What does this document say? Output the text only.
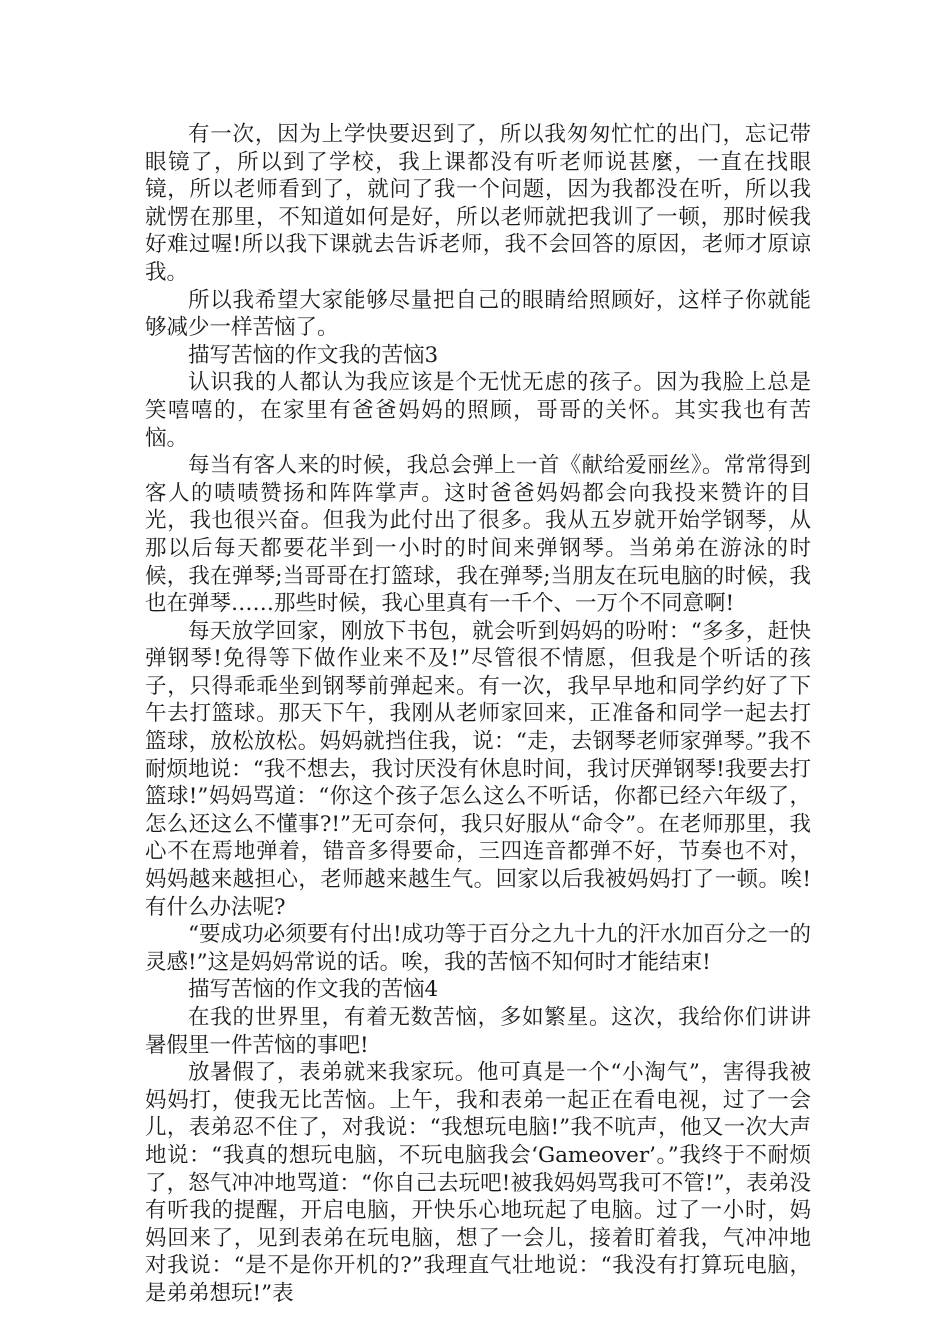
有一次，因为上学快要迟到了，所以我匆匆忙忙的出门，忘记带眼镜了，所以到了学校，我上课都没有听老师说甚麼，一直在找眼镜，所以老师看到了，就问了我一个问题，因为我都没在听，所以我就愣在那里，不知道如何是好，所以老师就把我训了一顿，那时候我好难过喔!所以我下课就去告诉老师，我不会回答的原因，老师才原谅我。

所以我希望大家能够尽量把自己的眼睛给照顾好，这样子你就能够减少一样苦恼了。

描写苦恼的作文我的苦恼3

认识我的人都认为我应该是个无忧无虑的孩子。因为我脸上总是笑嘻嘻的，在家里有爸爸妈妈的照顾，哥哥的关怀。其实我也有苦恼。

每当有客人来的时候，我总会弹上一首《献给爱丽丝》。常常得到客人的啧啧赞扬和阵阵掌声。这时爸爸妈妈都会向我投来赞许的目光，我也很兴奋。但我为此付出了很多。我从五岁就开始学钢琴，从那以后每天都要花半到一小时的时间来弹钢琴。当弟弟在游泳的时候，我在弹琴;当哥哥在打篮球，我在弹琴;当朋友在玩电脑的时候，我也在弹琴……那些时候，我心里真有一千个、一万个不同意啊!

每天放学回家，刚放下书包，就会听到妈妈的吩咐：“多多，赶快弹钢琴!免得等下做作业来不及!”尽管很不情愿，但我是个听话的孩子，只得乖乖坐到钢琴前弹起来。有一次，我早早地和同学约好了下午去打篮球。那天下午，我刚从老师家回来，正准备和同学一起去打篮球，放松放松。妈妈就挡住我，说：“走，去钢琴老师家弹琴。”我不耐烦地说：“我不想去，我讨厌没有休息时间，我讨厌弹钢琴!我要去打篮球!”妈妈骂道：“你这个孩子怎么这么不听话，你都已经六年级了，怎么还这么不懂事?!”无可奈何，我只好服从“命令”。在老师那里，我心不在焉地弹着，错音多得要命，三四连音都弹不好，节奏也不对，妈妈越来越担心，老师越来越生气。回家以后我被妈妈打了一顿。唉!有什么办法呢?

“要成功必须要有付出!成功等于百分之九十九的汗水加百分之一的灵感!”这是妈妈常说的话。唉，我的苦恼不知何时才能结束!

描写苦恼的作文我的苦恼4

在我的世界里，有着无数苦恼，多如繁星。这次，我给你们讲讲暑假里一件苦恼的事吧!

放暑假了，表弟就来我家玩。他可真是一个“小淘气”，害得我被妈妈打，使我无比苦恼。上午，我和表弟一起正在看电视，过了一会儿，表弟忍不住了，对我说：“我想玩电脑!”我不吭声，他又一次大声地说：“我真的想玩电脑，不玩电脑我会‘Gameover’。”我终于不耐烦了，怒气冲冲地骂道：“你自己去玩吧!被我妈妈骂我可不管!”，表弟没有听我的提醒，开启电脑，开快乐心地玩起了电脑。过了一小时，妈妈回来了，见到表弟在玩电脑，想了一会儿，接着盯着我，气冲冲地对我说：“是不是你开机的?”我理直气壮地说：“我没有打算玩电脑，是弟弟想玩!”表
